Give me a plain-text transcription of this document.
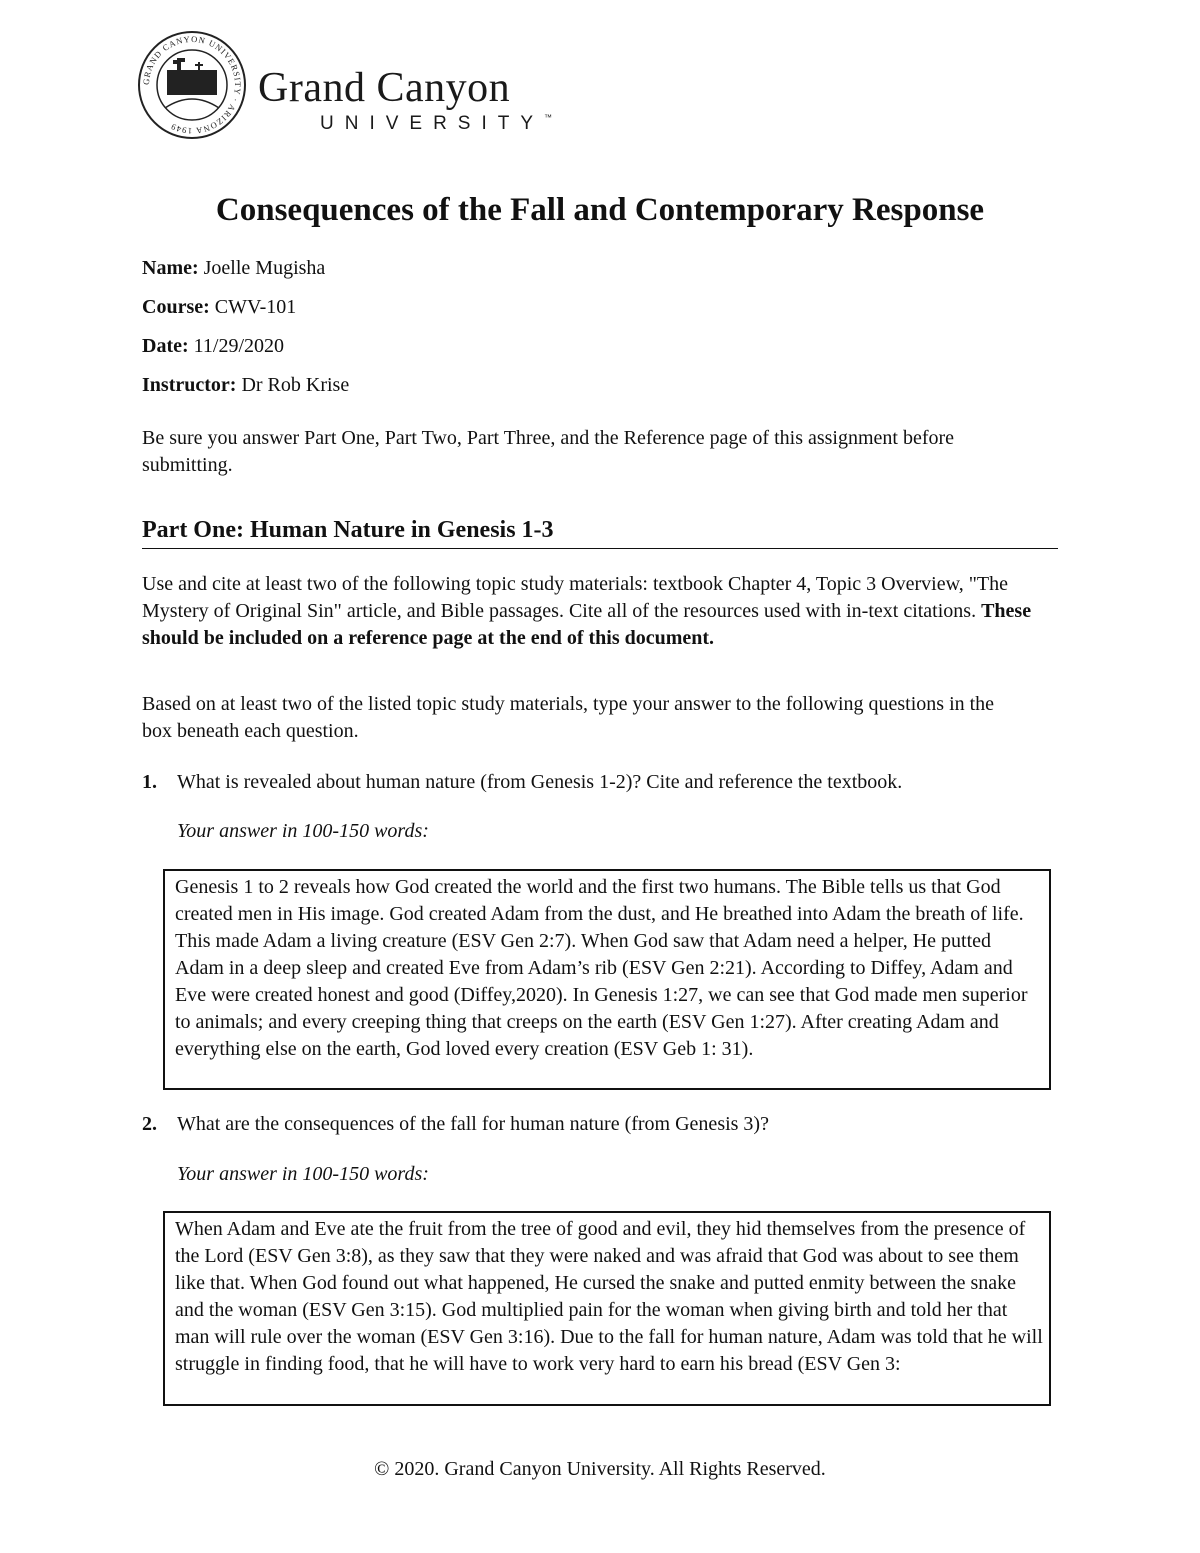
GRAND CANYON UNIVERSITY · ARIZONA 1949
Grand Canyon
UNIVERSITY™
Consequences of the Fall and Contemporary Response
Name: Joelle Mugisha
Course: CWV-101
Date: 11/29/2020
Instructor: Dr Rob Krise
Be sure you answer Part One, Part Two, Part Three, and the Reference page of this assignment before submitting.
Part One: Human Nature in Genesis 1-3
Use and cite at least two of the following topic study materials: textbook Chapter 4, Topic 3 Overview, "The Mystery of Original Sin" article, and Bible passages. Cite all of the resources used with in-text citations. These should be included on a reference page at the end of this document.
Based on at least two of the listed topic study materials, type your answer to the following questions in the box beneath each question.
1. What is revealed about human nature (from Genesis 1-2)? Cite and reference the textbook.
Your answer in 100-150 words:
Genesis 1 to 2 reveals how God created the world and the first two humans. The Bible tells us that God created men in His image. God created Adam from the dust, and He breathed into Adam the breath of life. This made Adam a living creature (ESV Gen 2:7). When God saw that Adam need a helper, He putted Adam in a deep sleep and created Eve from Adam’s rib (ESV Gen 2:21). According to Diffey, Adam and Eve were created honest and good (Diffey,2020). In Genesis 1:27, we can see that God made men superior to animals; and every creeping thing that creeps on the earth (ESV Gen 1:27). After creating Adam and everything else on the earth, God loved every creation (ESV Geb 1: 31).
2. What are the consequences of the fall for human nature (from Genesis 3)?
Your answer in 100-150 words:
When Adam and Eve ate the fruit from the tree of good and evil, they hid themselves from the presence of the Lord (ESV Gen 3:8), as they saw that they were naked and was afraid that God was about to see them like that. When God found out what happened, He cursed the snake and putted enmity between the snake and the woman (ESV Gen 3:15). God multiplied pain for the woman when giving birth and told her that man will rule over the woman (ESV Gen 3:16). Due to the fall for human nature, Adam was told that he will struggle in finding food, that he will have to work very hard to earn his bread (ESV Gen 3:
© 2020. Grand Canyon University. All Rights Reserved.
